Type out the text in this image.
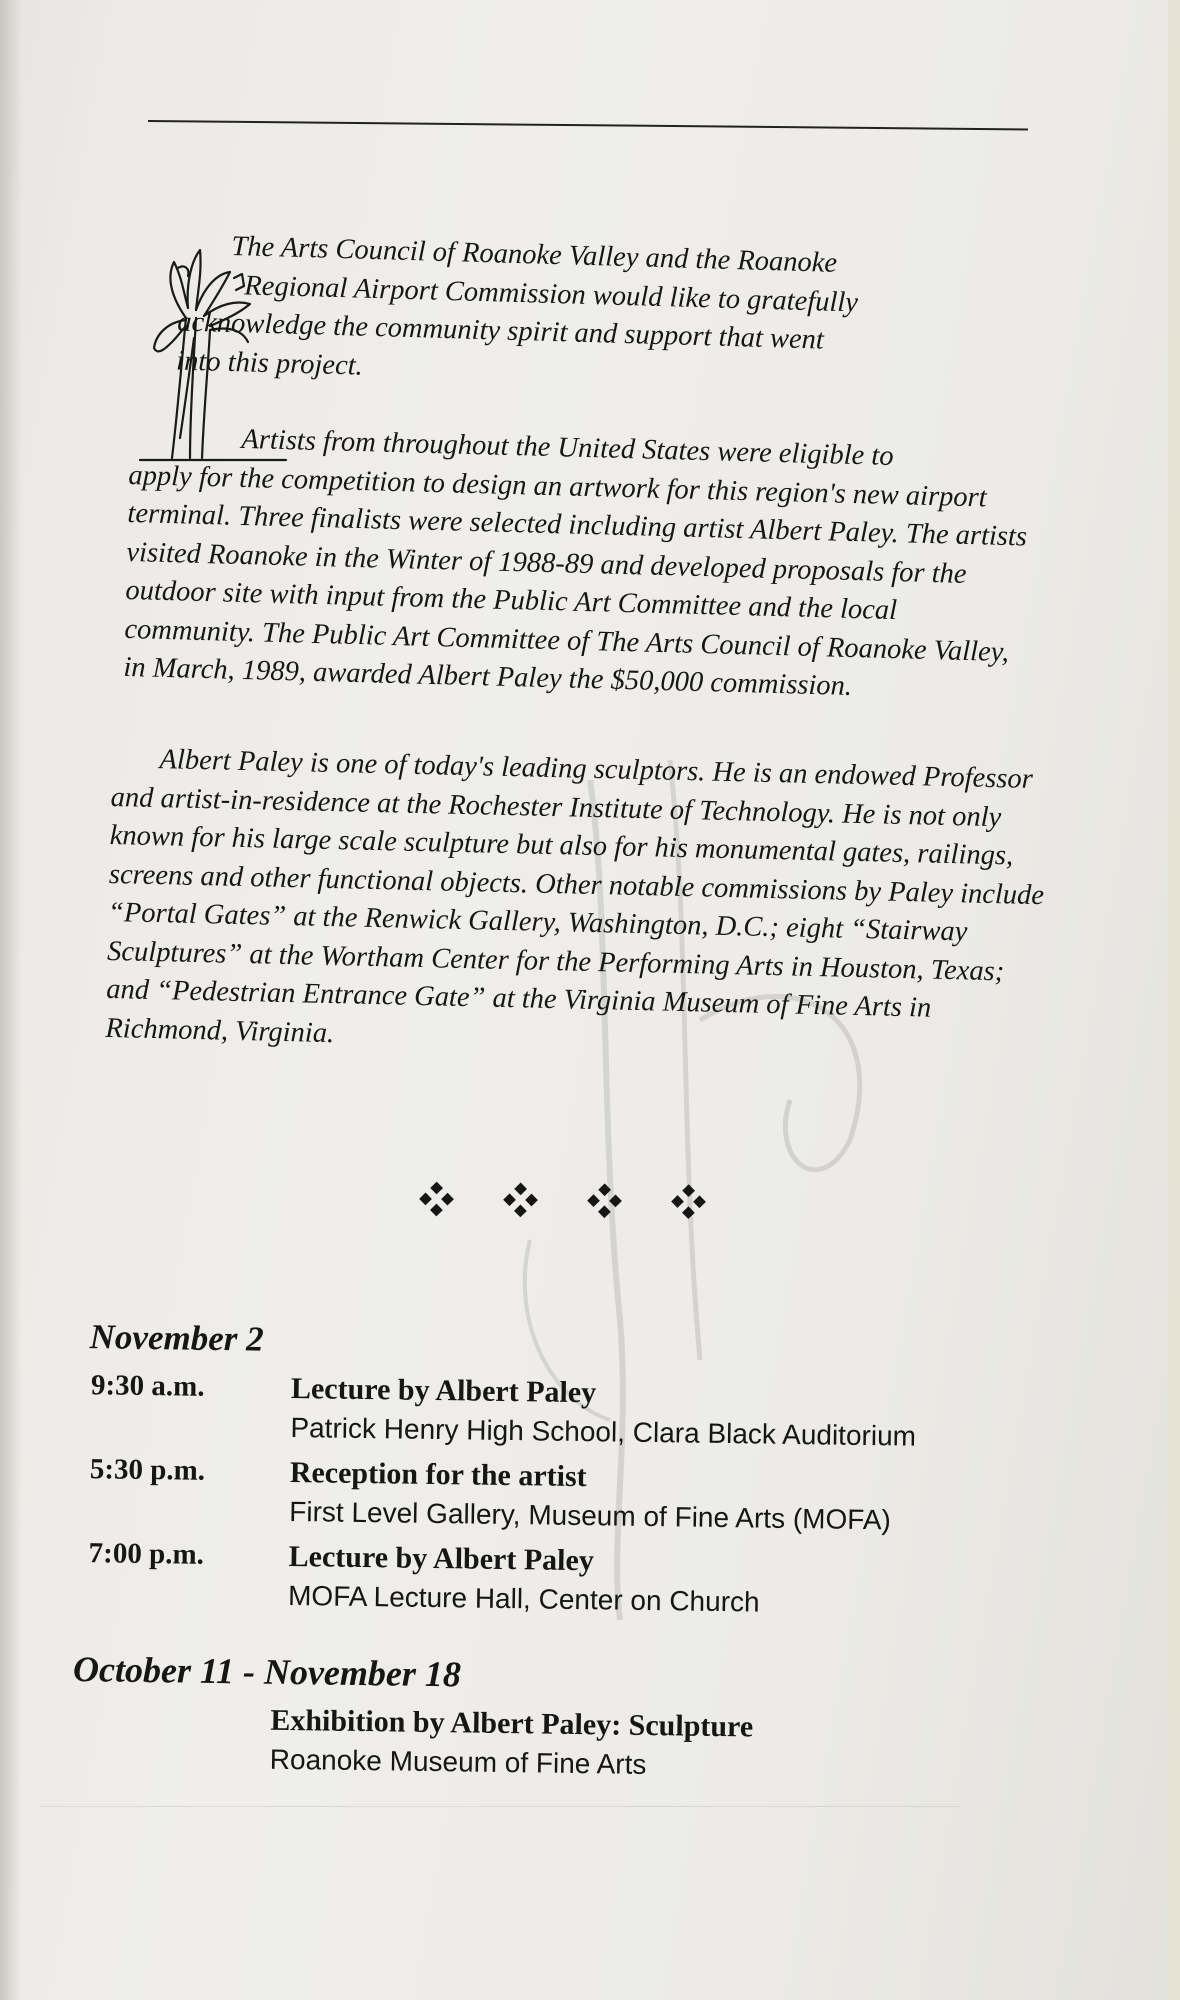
The Arts Council of Roanoke Valley and the Roanoke
Regional Airport Commission would like to gratefully
acknowledge the community spirit and support that went
into this project.

Artists from throughout the United States were eligible to
apply for the competition to design an artwork for this region's new airport terminal. Three finalists were selected including artist Albert Paley. The artists visited Roanoke in the Winter of 1988-89 and developed proposals for the outdoor site with input from the Public Art Committee and the local community. The Public Art Committee of The Arts Council of Roanoke Valley, in March, 1989, awarded Albert Paley the $50,000 commission.

Albert Paley is one of today's leading sculptors. He is an endowed Professor and artist-in-residence at the Rochester Institute of Technology. He is not only known for his large scale sculpture but also for his monumental gates, railings, screens and other functional objects. Other notable commissions by Paley include “Portal Gates” at the Renwick Gallery, Washington, D.C.; eight “Stairway Sculptures” at the Wortham Center for the Performing Arts in Houston, Texas; and “Pedestrian Entrance Gate” at the Virginia Museum of Fine Arts in Richmond, Virginia.

November 2
9:30 a.m.	Lecture by Albert Paley
Patrick Henry High School, Clara Black Auditorium
5:30 p.m.	Reception for the artist
First Level Gallery, Museum of Fine Arts (MOFA)
7:00 p.m.	Lecture by Albert Paley
MOFA Lecture Hall, Center on Church
October 11 - November 18
Exhibition by Albert Paley: Sculpture
Roanoke Museum of Fine Arts
